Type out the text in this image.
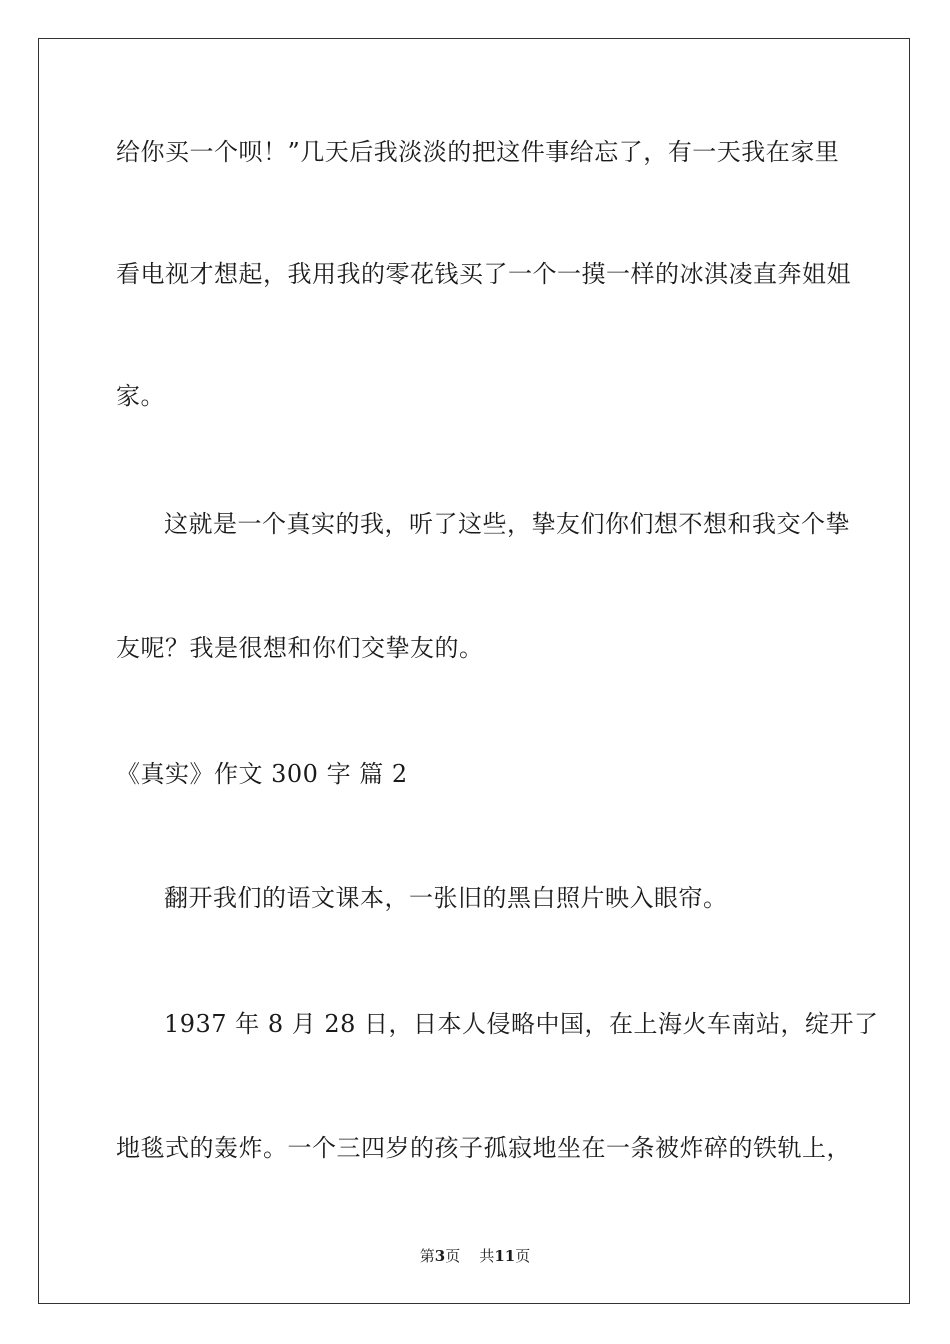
给你买一个呗！”几天后我淡淡的把这件事给忘了，有一天我在家里
看电视才想起，我用我的零花钱买了一个一摸一样的冰淇凌直奔姐姐
家。
这就是一个真实的我，听了这些，挚友们你们想不想和我交个挚
友呢？我是很想和你们交挚友的。
《真实》作文 300 字 篇 2
翻开我们的语文课本，一张旧的黑白照片映入眼帘。
1937 年 8 月 28 日，日本人侵略中国，在上海火车南站，绽开了
地毯式的轰炸。一个三四岁的孩子孤寂地坐在一条被炸碎的铁轨上，
第3页 共11页
